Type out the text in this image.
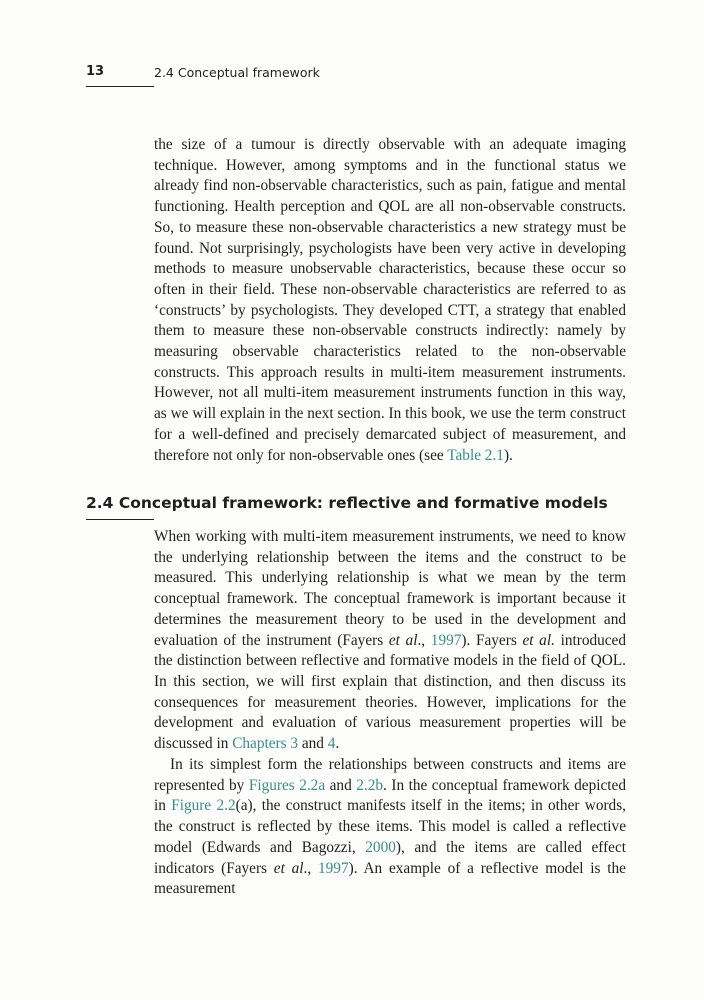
13	2.4 Conceptual framework

the size of a tumour is directly observable with an adequate imaging technique. However, among symptoms and in the functional status we already find non-observable characteristics, such as pain, fatigue and mental functioning. Health perception and QOL are all non-observable constructs. So, to measure these non-observable characteristics a new strategy must be found. Not surprisingly, psychologists have been very active in developing methods to measure unobservable characteristics, because these occur so often in their field. These non-observable characteristics are referred to as ‘constructs’ by psychologists. They developed CTT, a strategy that enabled them to measure these non-observable constructs indirectly: namely by measuring observable characteristics related to the non-observable constructs. This approach results in multi-item measurement instruments. However, not all multi-item measurement instruments function in this way, as we will explain in the next section. In this book, we use the term construct for a well-defined and precisely demarcated subject of measurement, and therefore not only for non-observable ones (see Table 2.1).

2.4 Conceptual framework: reflective and formative models

When working with multi-item measurement instruments, we need to know the underlying relationship between the items and the construct to be measured. This underlying relationship is what we mean by the term conceptual framework. The conceptual framework is important because it determines the measurement theory to be used in the development and evaluation of the instrument (Fayers et al., 1997). Fayers et al. introduced the distinction between reflective and formative models in the field of QOL. In this section, we will first explain that distinction, and then discuss its consequences for measurement theories. However, implications for the development and evaluation of various measurement properties will be discussed in Chapters 3 and 4.

In its simplest form the relationships between constructs and items are represented by Figures 2.2a and 2.2b. In the conceptual framework depicted in Figure 2.2(a), the construct manifests itself in the items; in other words, the construct is reflected by these items. This model is called a reflective model (Edwards and Bagozzi, 2000), and the items are called effect indicators (Fayers et al., 1997). An example of a reflective model is the measurement
